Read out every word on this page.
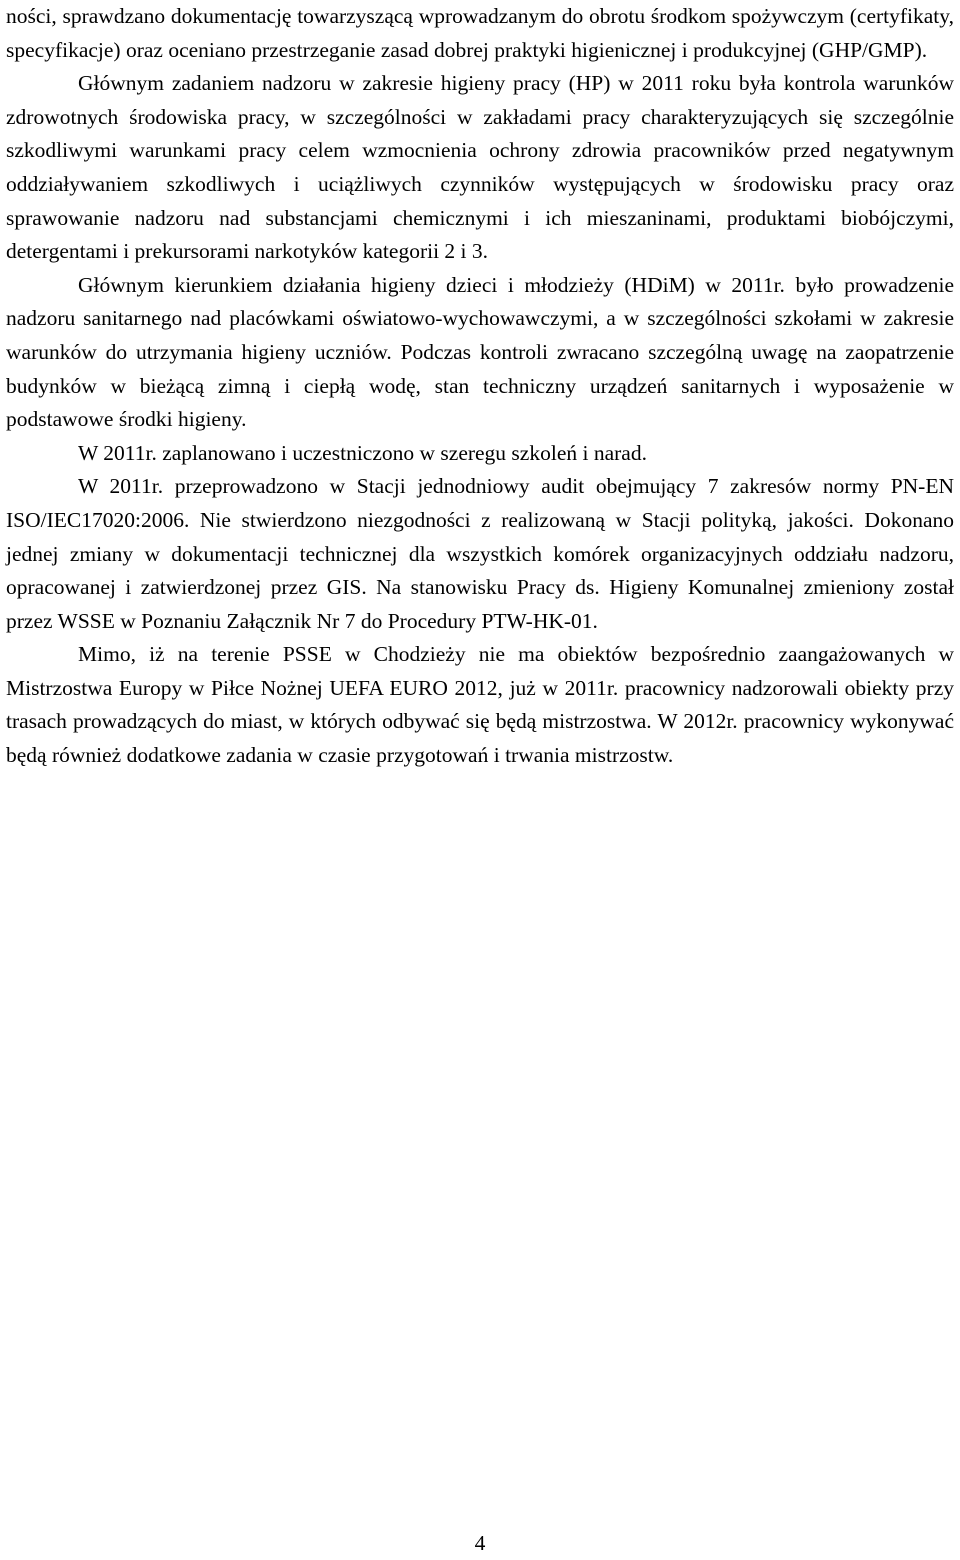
ności, sprawdzano dokumentację towarzyszącą wprowadzanym do obrotu środkom spożywczym (certyfikaty, specyfikacje) oraz oceniano przestrzeganie zasad dobrej praktyki higienicznej i produkcyjnej (GHP/GMP).

Głównym zadaniem nadzoru w zakresie higieny pracy (HP) w 2011 roku była kontrola warunków zdrowotnych środowiska pracy, w szczególności w zakładami pracy charakteryzujących się szczególnie szkodliwymi warunkami pracy celem wzmocnienia ochrony zdrowia pracowników przed negatywnym oddziaływaniem szkodliwych i uciążliwych czynników występujących w środowisku pracy oraz sprawowanie nadzoru nad substancjami chemicznymi i ich mieszaninami, produktami biobójczymi, detergentami i prekursorami narkotyków kategorii 2 i 3.

Głównym kierunkiem działania higieny dzieci i młodzieży (HDiM) w 2011r. było prowadzenie nadzoru sanitarnego nad placówkami oświatowo-wychowawczymi, a w szczególności szkołami w zakresie warunków do utrzymania higieny uczniów. Podczas kontroli zwracano szczególną uwagę na zaopatrzenie budynków w bieżącą zimną i ciepłą wodę, stan techniczny urządzeń sanitarnych i wyposażenie w podstawowe środki higieny.

W 2011r. zaplanowano i uczestniczono w szeregu szkoleń i narad.

W 2011r. przeprowadzono w Stacji jednodniowy audit obejmujący 7 zakresów normy PN-EN ISO/IEC17020:2006. Nie stwierdzono niezgodności z realizowaną w Stacji polityką, jakości. Dokonano jednej zmiany w dokumentacji technicznej dla wszystkich komórek organizacyjnych oddziału nadzoru, opracowanej i zatwierdzonej przez GIS. Na stanowisku Pracy ds. Higieny Komunalnej zmieniony został przez WSSE w Poznaniu Załącznik Nr 7 do Procedury PTW-HK-01.

Mimo, iż na terenie PSSE w Chodzieży nie ma obiektów bezpośrednio zaangażowanych w Mistrzostwa Europy w Piłce Nożnej UEFA EURO 2012, już w 2011r. pracownicy nadzorowali obiekty przy trasach prowadzących do miast, w których odbywać się będą mistrzostwa. W 2012r. pracownicy wykonywać będą również dodatkowe zadania w czasie przygotowań i trwania mistrzostw.

4
